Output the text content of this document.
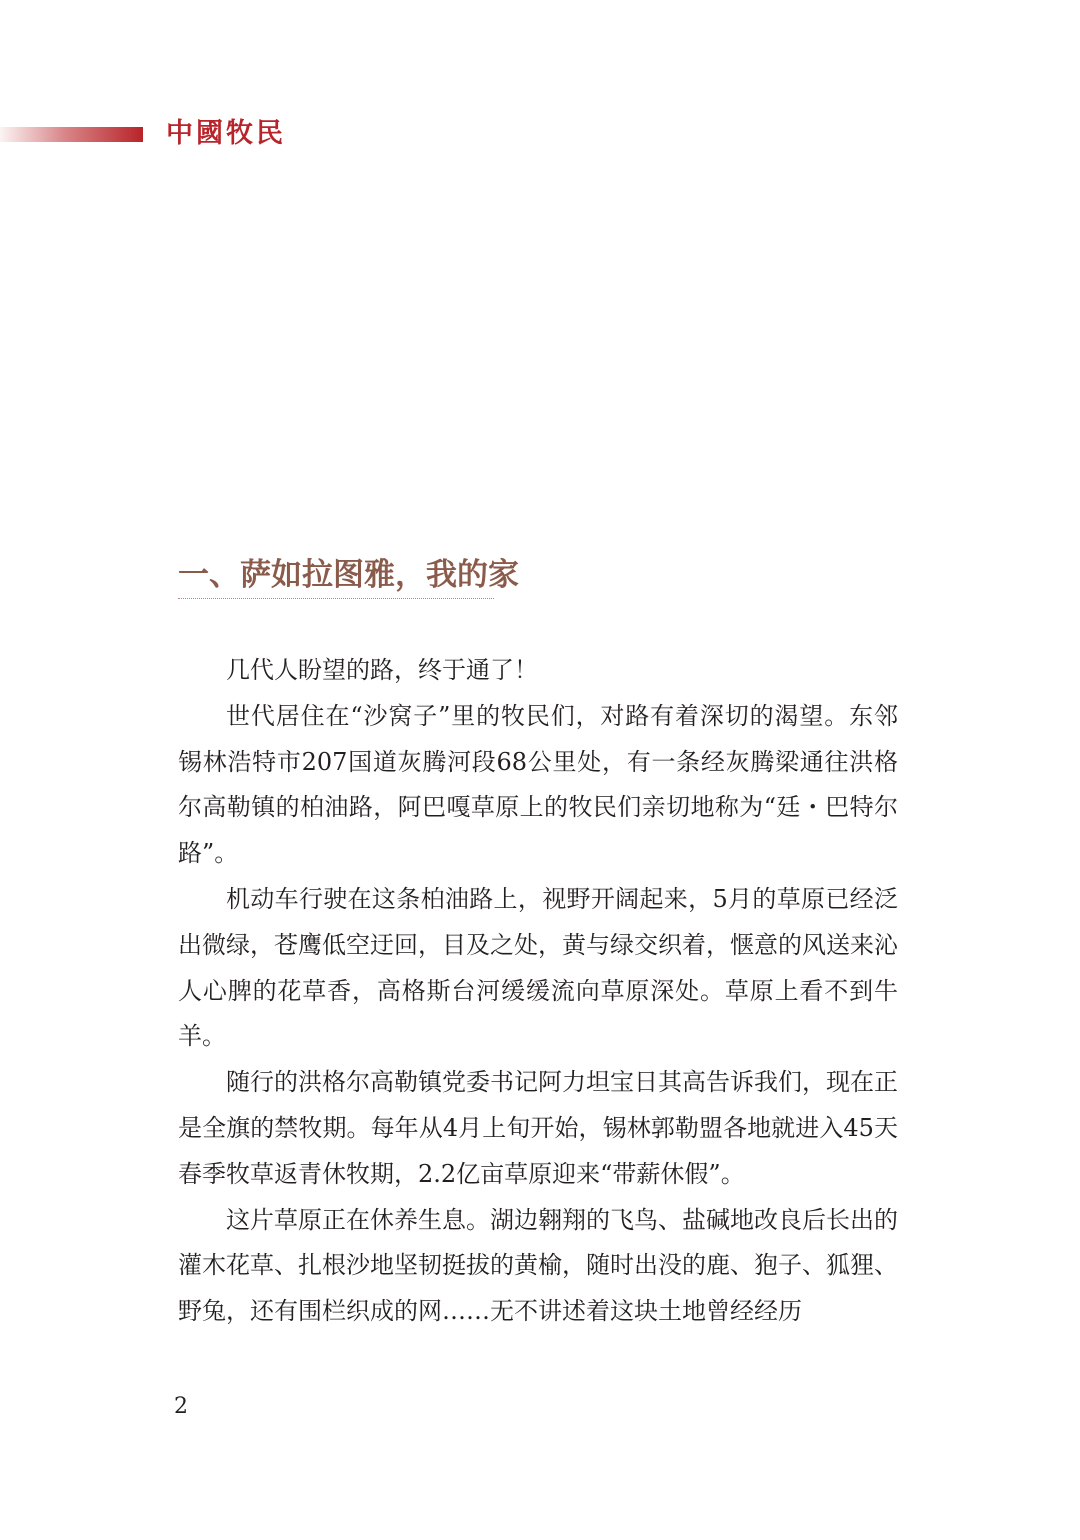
中國牧民
一、萨如拉图雅，我的家

几代人盼望的路，终于通了！

世代居住在“沙窝子”里的牧民们，对路有着深切的渴望。东邻锡林浩特市207国道灰腾河段68公里处，有一条经灰腾梁通往洪格尔高勒镇的柏油路，阿巴嘎草原上的牧民们亲切地称为“廷・巴特尔路”。

机动车行驶在这条柏油路上，视野开阔起来，5月的草原已经泛出微绿，苍鹰低空迂回，目及之处，黄与绿交织着，惬意的风送来沁人心脾的花草香，高格斯台河缓缓流向草原深处。草原上看不到牛羊。

随行的洪格尔高勒镇党委书记阿力坦宝日其高告诉我们，现在正是全旗的禁牧期。每年从4月上旬开始，锡林郭勒盟各地就进入45天春季牧草返青休牧期，2.2亿亩草原迎来“带薪休假”。

这片草原正在休养生息。湖边翱翔的飞鸟、盐碱地改良后长出的灌木花草、扎根沙地坚韧挺拔的黄榆，随时出没的鹿、狍子、狐狸、野兔，还有围栏织成的网……无不讲述着这块土地曾经经历

2
